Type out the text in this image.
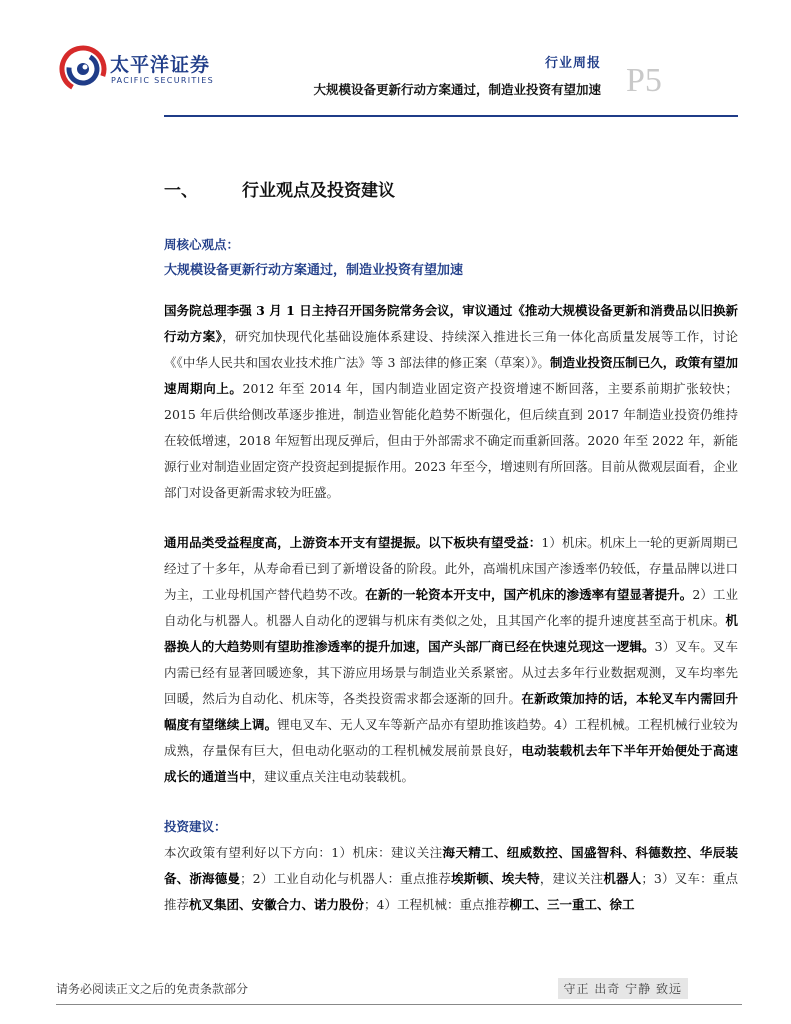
太平洋证券
PACIFIC SECURITIES
行业周报
大规模设备更新行动方案通过，制造业投资有望加速 P5
一、	行业观点及投资建议
周核心观点：
大规模设备更新行动方案通过，制造业投资有望加速

国务院总理李强 3 月 1 日主持召开国务院常务会议，审议通过《推动大规模设备更新和消费品以旧换新行动方案》，研究加快现代化基础设施体系建设、持续深入推进长三角一体化高质量发展等工作，讨论《《中华人民共和国农业技术推广法》等 3 部法律的修正案（草案）》。制造业投资压制已久，政策有望加速周期向上。2012 年至 2014 年，国内制造业固定资产投资增速不断回落，主要系前期扩张较快；2015 年后供给侧改革逐步推进，制造业智能化趋势不断强化，但后续直到 2017 年制造业投资仍维持在较低增速，2018 年短暂出现反弹后，但由于外部需求不确定而重新回落。2020 年至 2022 年，新能源行业对制造业固定资产投资起到提振作用。2023 年至今，增速则有所回落。目前从微观层面看，企业部门对设备更新需求较为旺盛。

通用品类受益程度高，上游资本开支有望提振。以下板块有望受益：1）机床。机床上一轮的更新周期已经过了十多年，从寿命看已到了新增设备的阶段。此外，高端机床国产渗透率仍较低，存量品牌以进口为主，工业母机国产替代趋势不改。在新的一轮资本开支中，国产机床的渗透率有望显著提升。2）工业自动化与机器人。机器人自动化的逻辑与机床有类似之处，且其国产化率的提升速度甚至高于机床。机器换人的大趋势则有望助推渗透率的提升加速，国产头部厂商已经在快速兑现这一逻辑。3）叉车。叉车内需已经有显著回暖迹象，其下游应用场景与制造业关系紧密。从过去多年行业数据观测，叉车均率先回暖，然后为自动化、机床等，各类投资需求都会逐渐的回升。在新政策加持的话，本轮叉车内需回升幅度有望继续上调。锂电叉车、无人叉车等新产品亦有望助推该趋势。4）工程机械。工程机械行业较为成熟，存量保有巨大，但电动化驱动的工程机械发展前景良好，电动装载机去年下半年开始便处于高速成长的通道当中，建议重点关注电动装载机。

投资建议：

本次政策有望利好以下方向：1）机床：建议关注海天精工、纽威数控、国盛智科、科德数控、华辰装备、浙海德曼；2）工业自动化与机器人：重点推荐埃斯顿、埃夫特，建议关注机器人；3）叉车：重点推荐杭叉集团、安徽合力、诺力股份；4）工程机械：重点推荐柳工、三一重工、徐工

请务必阅读正文之后的免责条款部分	守正 出奇 宁静 致远
